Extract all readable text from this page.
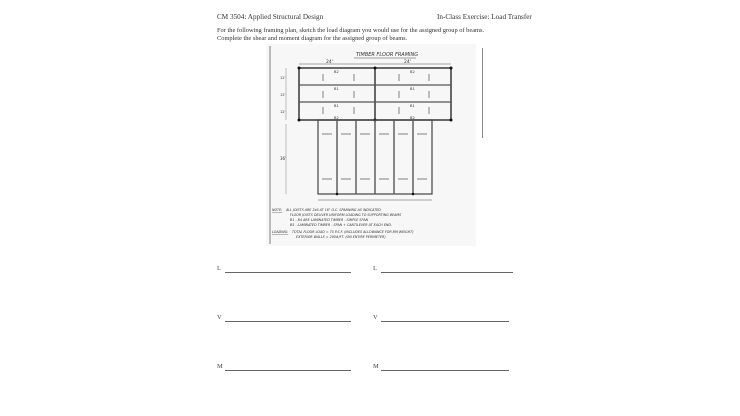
CM 3504: Applied Structural Design	In-Class Exercise: Load Transfer
For the following framing plan, sketch the load diagram you would use for the assigned group of beams.
Complete the shear and moment diagram for the assigned group of beams.
TIMBER FLOOR FRAMING
24'	24'
B2	B2
B1	B1
B1	B1
B2	B2
12'
12'
12'
36'
NOTE:	ALL JOISTS ARE 2x6 AT 16" O.C. SPANNING AS INDICATED
FLOOR JOISTS DELIVER UNIFORM LOADING TO SUPPORTING BEAMS
B1 - B4 ARE LAMINATED TIMBER - SIMPLE SPAN
B5 - LAMINATED TIMBER - SPAN + CANTILEVER AT EACH END.
LOADING: TOTAL FLOOR LOAD = 75 P.S.F. (INCLUDES ALLOWANCE FOR BM WEIGHT)
EXTERIOR WALLS = 200#/FT. (ON ENTIRE PERIMETER)
L
V
M
L
V
M
